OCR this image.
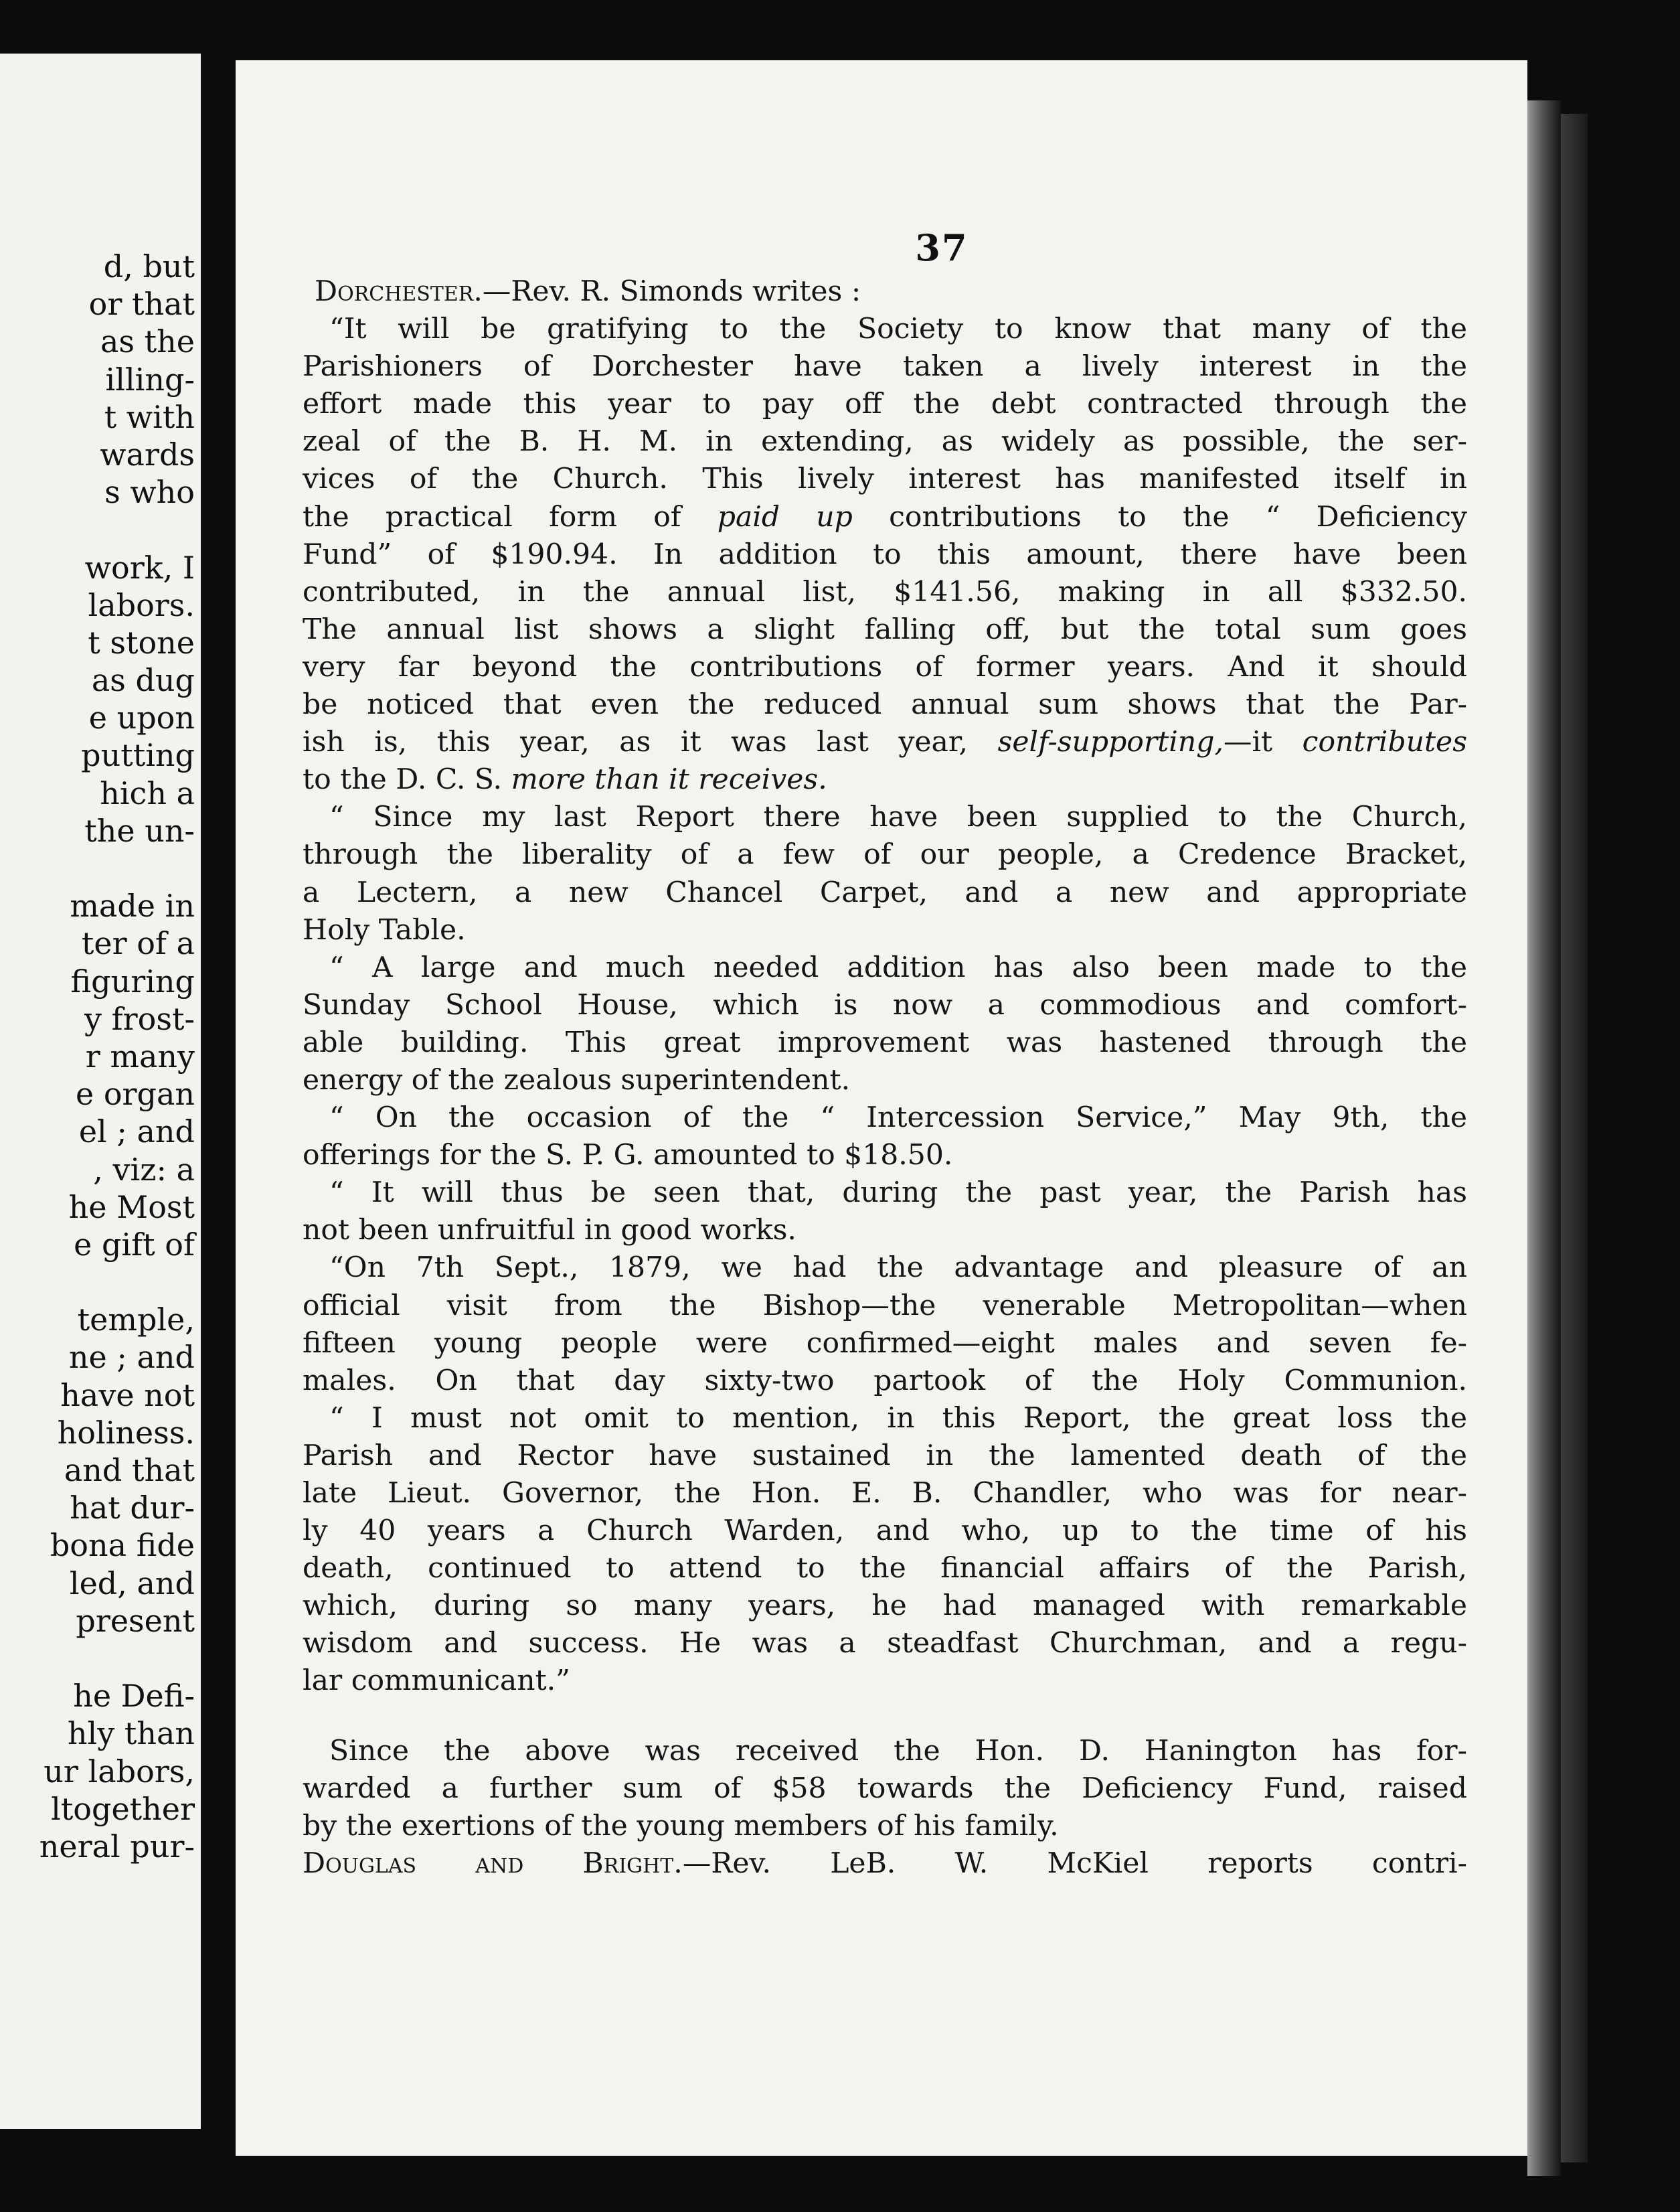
d, but
or that
as the
illing-
t with
wards
s who
work, I
labors.
t stone
as dug
e upon
putting
hich a
the un-
made in
ter of a
figuring
y frost-
r many
e organ
el ; and
, viz: a
he Most
e gift of
temple,
ne ; and
have not
holiness.
and that
hat dur-
bona fide
led, and
present
he Defi-
hly than
ur labors,
ltogether
neral pur-
37
Dorchester.—Rev. R. Simonds writes :
“It will be gratifying to the Society to know that many of the
Parishioners of Dorchester have taken a lively interest in the
effort made this year to pay off the debt contracted through the
zeal of the B. H. M. in extending, as widely as possible, the ser-
vices of the Church. This lively interest has manifested itself in
the practical form of paid up contributions to the “ Deficiency
Fund” of $190.94. In addition to this amount, there have been
contributed, in the annual list, $141.56, making in all $332.50.
The annual list shows a slight falling off, but the total sum goes
very far beyond the contributions of former years. And it should
be noticed that even the reduced annual sum shows that the Par-
ish is, this year, as it was last year, self-supporting,—it contributes
to the D. C. S. more than it receives.
“ Since my last Report there have been supplied to the Church,
through the liberality of a few of our people, a Credence Bracket,
a Lectern, a new Chancel Carpet, and a new and appropriate
Holy Table.
“ A large and much needed addition has also been made to the
Sunday School House, which is now a commodious and comfort-
able building. This great improvement was hastened through the
energy of the zealous superintendent.
“ On the occasion of the “ Intercession Service,” May 9th, the
offerings for the S. P. G. amounted to $18.50.
“ It will thus be seen that, during the past year, the Parish has
not been unfruitful in good works.
“On 7th Sept., 1879, we had the advantage and pleasure of an
official visit from the Bishop—the venerable Metropolitan—when
fifteen young people were confirmed—eight males and seven fe-
males. On that day sixty-two partook of the Holy Communion.
“ I must not omit to mention, in this Report, the great loss the
Parish and Rector have sustained in the lamented death of the
late Lieut. Governor, the Hon. E. B. Chandler, who was for near-
ly 40 years a Church Warden, and who, up to the time of his
death, continued to attend to the financial affairs of the Parish,
which, during so many years, he had managed with remarkable
wisdom and success. He was a steadfast Churchman, and a regu-
lar communicant.”
Since the above was received the Hon. D. Hanington has for-
warded a further sum of $58 towards the Deficiency Fund, raised
by the exertions of the young members of his family.
Douglas and Bright.—Rev. LeB. W. McKiel reports contri-
